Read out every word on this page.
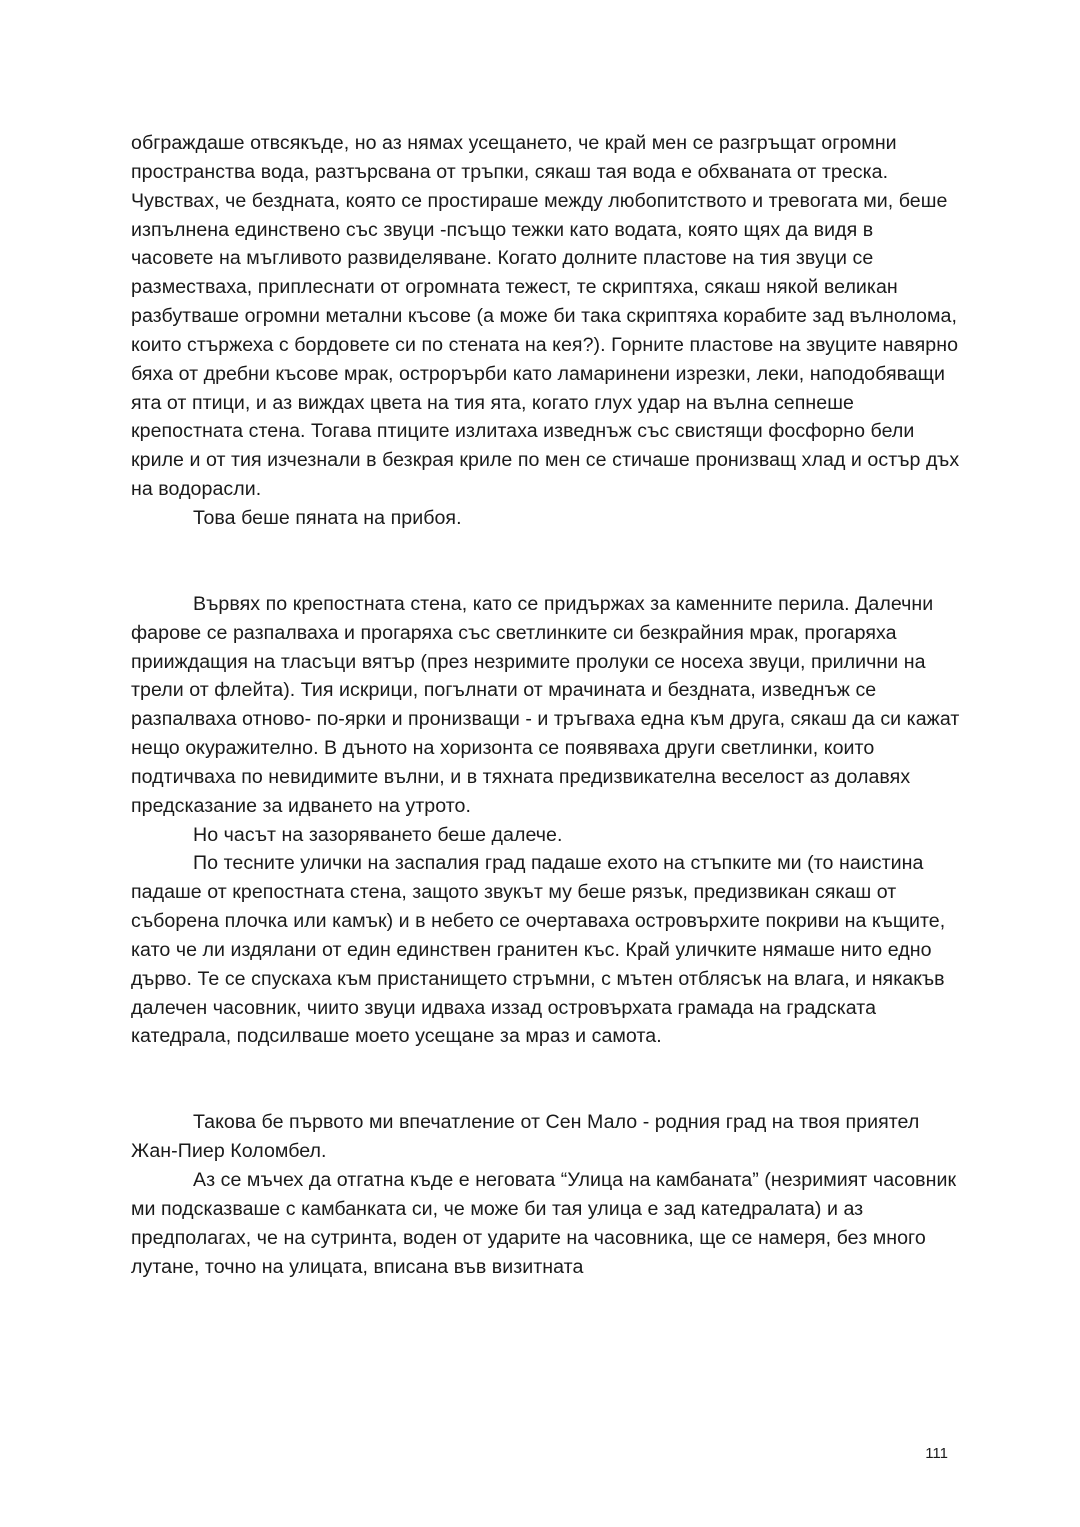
обграждаше отвсякъде, но аз нямах усещането, че край мен се разгръщат огромни пространства вода, разтърсвана от тръпки, сякаш тая вода е обхваната от треска. Чувствах, че бездната, която се простираше между любопитството и тревогата ми, беше изпълнена единствено със звуци -псъщо тежки като водата, която щях да видя в часовете на мъгливото развиделяване. Когато долните пластове на тия звуци се разместваха, приплеснати от огромната тежест, те скриптяха, сякаш някой великан разбутваше огромни метални късове (а може би така скриптяха корабите зад вълнолома, които стържеха с бордовете си по стената на кея?). Горните пластове на звуците навярно бяха от дребни късове мрак, острорърби като ламаринени изрезки, леки, наподобяващи ята от птици, и аз виждах цвета на тия ята, когато глух удар на вълна сепнеше крепостната стена. Тогава птиците излитаха изведнъж със свистящи фосфорно бели криле и от тия изчезнали в безкрая криле по мен се стичаше пронизващ хлад и остър дъх на водорасли.

Това беше пяната на прибоя.

Вървях по крепостната стена, като се придържах за каменните перила. Далечни фарове се разпалваха и прогаряха със светлинките си безкрайния мрак, прогаряха прииждащия на тласъци вятър (през незримите пролуки се носеха звуци, прилични на трели от флейта). Тия искрици, погълнати от мрачината и бездната, изведнъж се разпалваха отново- по-ярки и пронизващи - и тръгваха една към друга, сякаш да си кажат нещо окуражително. В дъното на хоризонта се появяваха други светлинки, които подтичваха по невидимите вълни, и в тяхната предизвикателна веселост аз долавях предсказание за идването на утрото.

Но часът на зазоряването беше далече.

По тесните улички на заспалия град падаше ехото на стъпките ми (то наистина падаше от крепостната стена, защото звукът му беше рязък, предизвикан сякаш от съборена плочка или камък) и в небето се очертаваха островърхите покриви на къщите, като че ли издялани от един единствен гранитен къс. Край уличките нямаше нито едно дърво. Те се спускаха към пристанището стръмни, с мътен отблясък на влага, и някакъв далечен часовник, чиито звуци идваха иззад островърхата грамада на градската катедрала, подсилваше моето усещане за мраз и самота.

Такова бе първото ми впечатление от Сен Мало - родния град на твоя приятел Жан-Пиер Коломбел.

Аз се мъчех да отгатна къде е неговата “Улица на камбаната” (незримият часовник ми подсказваше с камбанката си, че може би тая улица е зад катедралата) и аз предполагах, че на сутринта, воден от ударите на часовника, ще се намеря, без много лутане, точно на улицата, вписана във визитната

111
